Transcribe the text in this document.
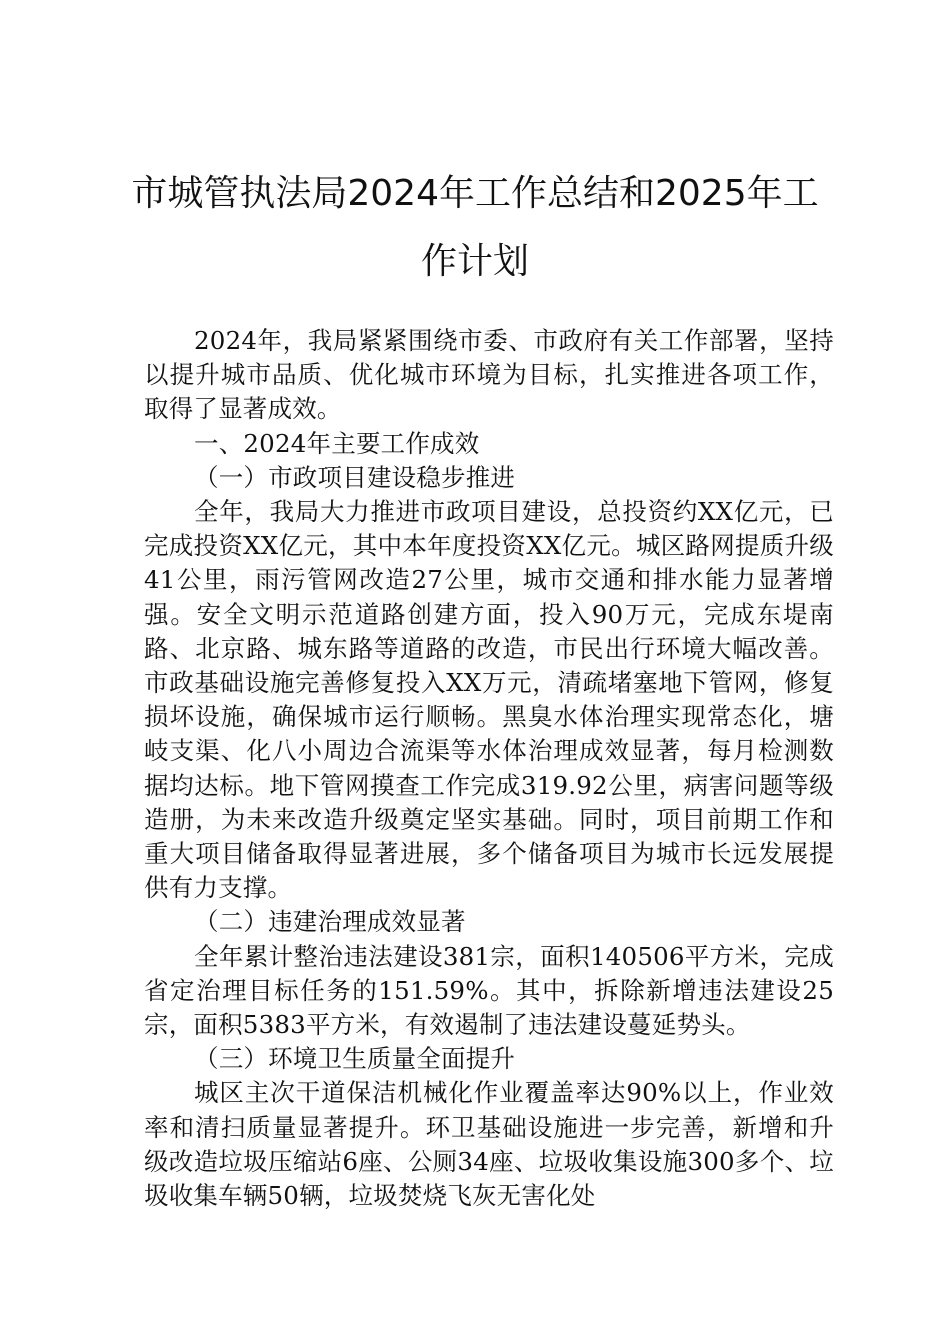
市城管执法局2024年工作总结和2025年工作计划

2024年，我局紧紧围绕市委、市政府有关工作部署，坚持以提升城市品质、优化城市环境为目标，扎实推进各项工作，取得了显著成效。

一、2024年主要工作成效

（一）市政项目建设稳步推进

全年，我局大力推进市政项目建设，总投资约XX亿元，已完成投资XX亿元，其中本年度投资XX亿元。城区路网提质升级41公里，雨污管网改造27公里，城市交通和排水能力显著增强。安全文明示范道路创建方面，投入90万元，完成东堤南路、北京路、城东路等道路的改造，市民出行环境大幅改善。市政基础设施完善修复投入XX万元，清疏堵塞地下管网，修复损坏设施，确保城市运行顺畅。黑臭水体治理实现常态化，塘岐支渠、化八小周边合流渠等水体治理成效显著，每月检测数据均达标。地下管网摸查工作完成319.92公里，病害问题等级造册，为未来改造升级奠定坚实基础。同时，项目前期工作和重大项目储备取得显著进展，多个储备项目为城市长远发展提供有力支撑。

（二）违建治理成效显著

全年累计整治违法建设381宗，面积140506平方米，完成省定治理目标任务的151.59%。其中，拆除新增违法建设25宗，面积5383平方米，有效遏制了违法建设蔓延势头。

（三）环境卫生质量全面提升

城区主次干道保洁机械化作业覆盖率达90%以上，作业效率和清扫质量显著提升。环卫基础设施进一步完善，新增和升级改造垃圾压缩站6座、公厕34座、垃圾收集设施300多个、垃圾收集车辆50辆，垃圾焚烧飞灰无害化处
